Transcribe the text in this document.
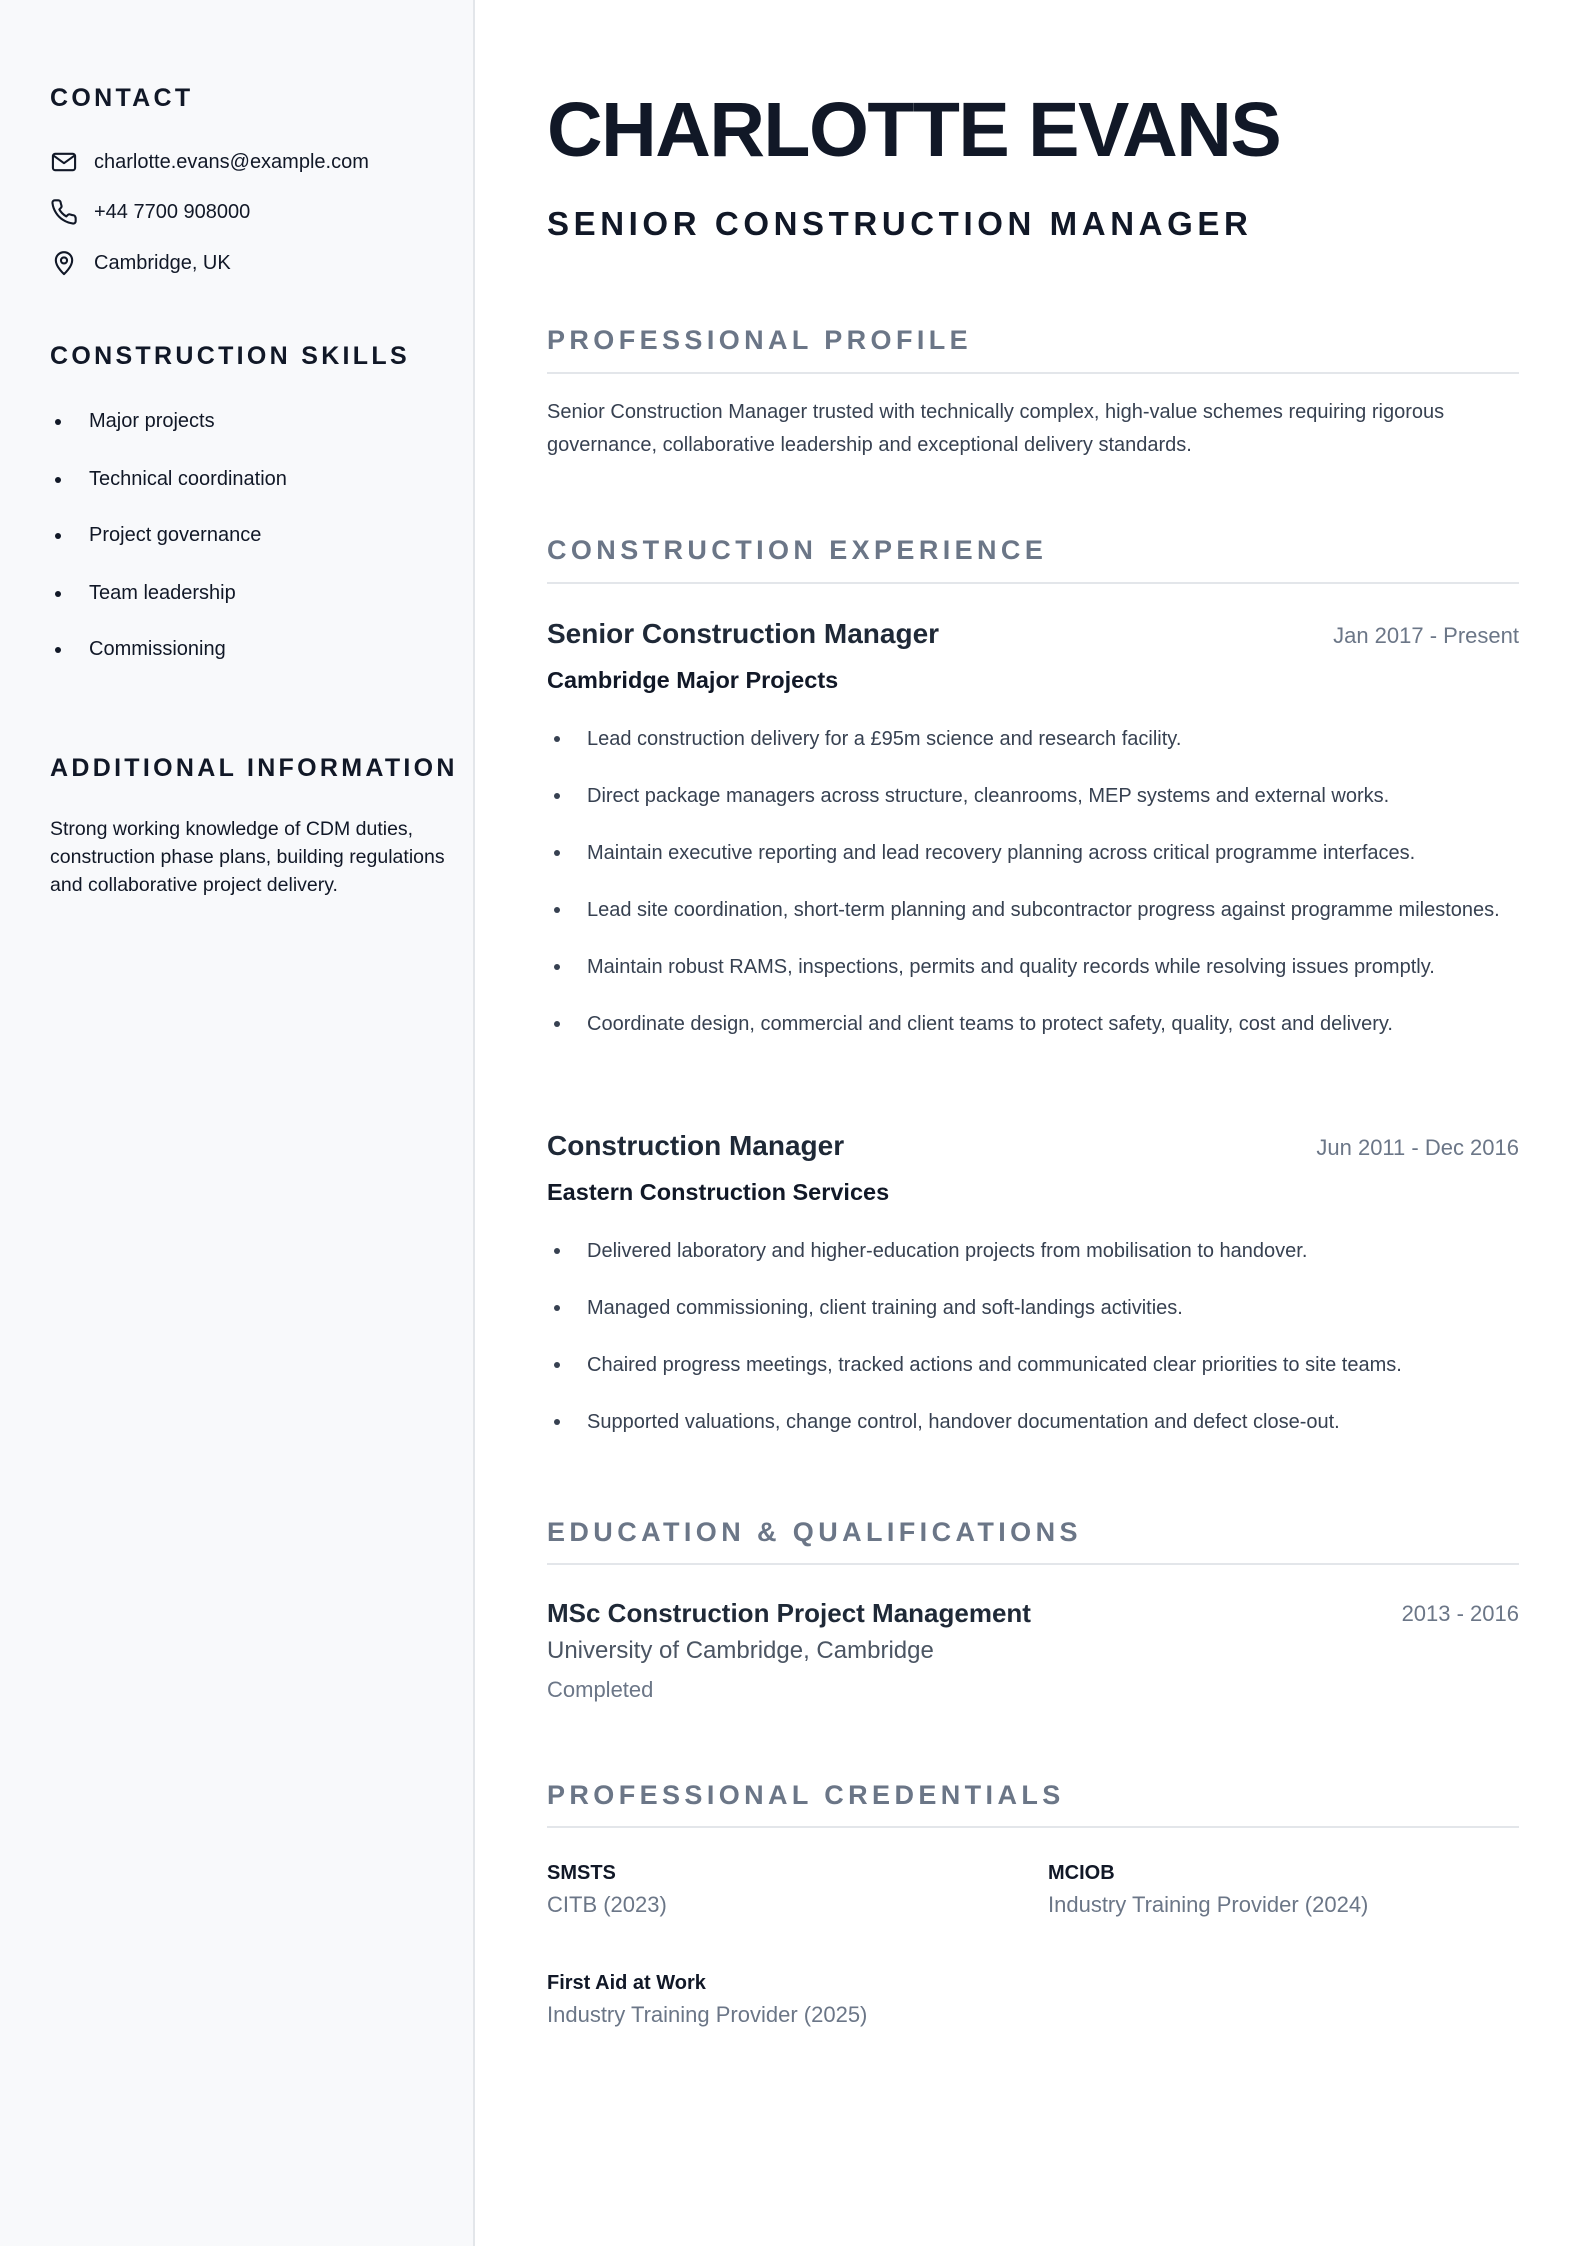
CONTACT
charlotte.evans@example.com
+44 7700 908000
Cambridge, UK
CONSTRUCTION SKILLS
Major projects
Technical coordination
Project governance
Team leadership
Commissioning
ADDITIONAL INFORMATION

Strong working knowledge of CDM duties, construction phase plans, building regulations and collaborative project delivery.

CHARLOTTE EVANS
SENIOR CONSTRUCTION MANAGER
PROFESSIONAL PROFILE

Senior Construction Manager trusted with technically complex, high-value schemes requiring rigorous governance, collaborative leadership and exceptional delivery standards.

CONSTRUCTION EXPERIENCE
Senior Construction Manager	Jan 2017 - Present
Cambridge Major Projects
Lead construction delivery for a £95m science and research facility.
Direct package managers across structure, cleanrooms, MEP systems and external works.
Maintain executive reporting and lead recovery planning across critical programme interfaces.
Lead site coordination, short-term planning and subcontractor progress against programme milestones.
Maintain robust RAMS, inspections, permits and quality records while resolving issues promptly.
Coordinate design, commercial and client teams to protect safety, quality, cost and delivery.
Construction Manager	Jun 2011 - Dec 2016
Eastern Construction Services
Delivered laboratory and higher-education projects from mobilisation to handover.
Managed commissioning, client training and soft-landings activities.
Chaired progress meetings, tracked actions and communicated clear priorities to site teams.
Supported valuations, change control, handover documentation and defect close-out.
EDUCATION & QUALIFICATIONS
MSc Construction Project Management	2013 - 2016
University of Cambridge, Cambridge
Completed
PROFESSIONAL CREDENTIALS
SMSTS
CITB (2023)
MCIOB
Industry Training Provider (2024)
First Aid at Work
Industry Training Provider (2025)
